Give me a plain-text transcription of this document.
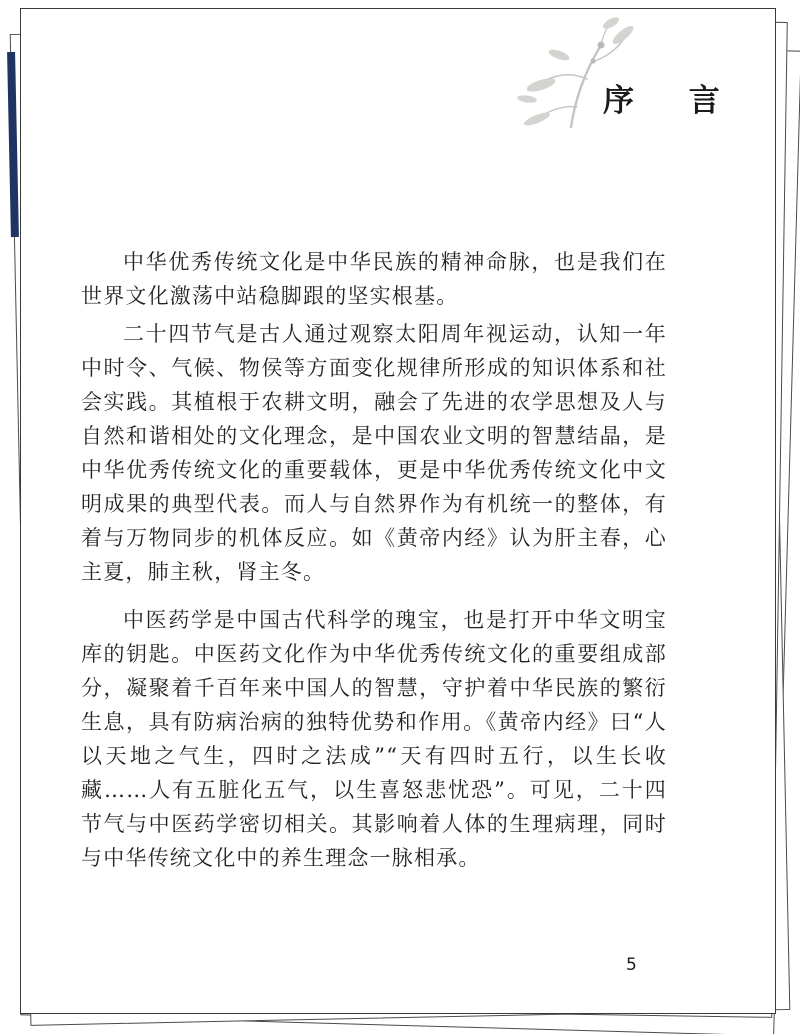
序 言

中华优秀传统文化是中华民族的精神命脉，也是我们在世界文化激荡中站稳脚跟的坚实根基。

二十四节气是古人通过观察太阳周年视运动，认知一年中时令、气候、物侯等方面变化规律所形成的知识体系和社会实践。其植根于农耕文明，融会了先进的农学思想及人与自然和谐相处的文化理念，是中国农业文明的智慧结晶，是中华优秀传统文化的重要载体，更是中华优秀传统文化中文明成果的典型代表。而人与自然界作为有机统一的整体，有着与万物同步的机体反应。如《黄帝内经》认为肝主春，心主夏，肺主秋，肾主冬。

中医药学是中国古代科学的瑰宝，也是打开中华文明宝库的钥匙。中医药文化作为中华优秀传统文化的重要组成部分，凝聚着千百年来中国人的智慧，守护着中华民族的繁衍生息，具有防病治病的独特优势和作用。《黄帝内经》曰“人以天地之气生，四时之法成”“天有四时五行，以生长收藏……人有五脏化五气，以生喜怒悲忧恐”。可见，二十四节气与中医药学密切相关。其影响着人体的生理病理，同时与中华传统文化中的养生理念一脉相承。

5
